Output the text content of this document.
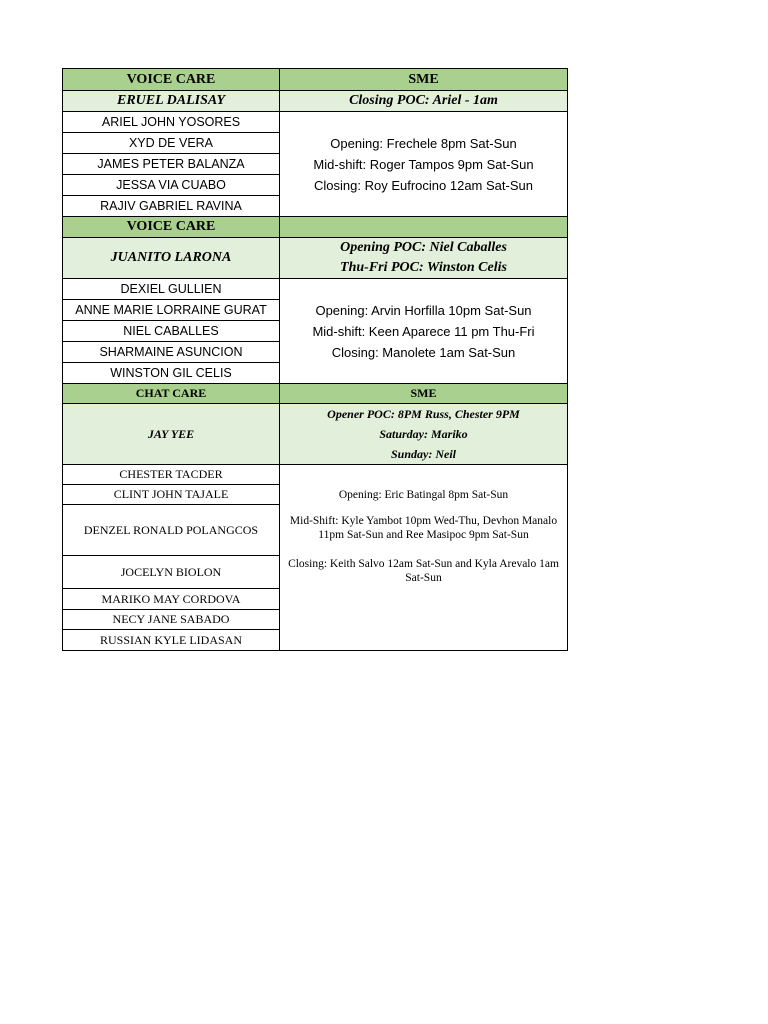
VOICE CARE	SME
ERUEL DALISAY	Closing POC: Ariel - 1am
ARIEL JOHN YOSORES	Opening: Frechele 8pm Sat-Sun
Mid-shift: Roger Tampos 9pm Sat-Sun
Closing: Roy Eufrocino 12am Sat-Sun

XYD DE VERA	
JAMES PETER BALANZA	
JESSA VIA CUABO	
RAJIV GABRIEL RAVINA	
VOICE CARE	
JUANITO LARONA	Opening POC: Niel Caballes
Thu-Fri POC: Winston Celis

DEXIEL GULLIEN	Opening: Arvin Horfilla 10pm Sat-Sun
Mid-shift: Keen Aparece 11 pm Thu-Fri
Closing: Manolete 1am Sat-Sun

ANNE MARIE LORRAINE GURAT	
NIEL CABALLES	
SHARMAINE ASUNCION	
WINSTON GIL CELIS	
CHAT CARE	SME
JAY YEE	Opener POC: 8PM Russ, Chester 9PM
Saturday: Mariko
Sunday: Neil

CHESTER TACDER	Opening: Eric Batingal 8pm Sat-Sun
Mid-Shift: Kyle Yambot 10pm Wed-Thu, Devhon Manalo 11pm Sat-Sun and Ree Masipoc 9pm Sat-Sun
Closing: Keith Salvo 12am Sat-Sun and Kyla Arevalo 1am Sat-Sun

CLINT JOHN TAJALE	
DENZEL RONALD POLANGCOS	
JOCELYN BIOLON	
MARIKO MAY CORDOVA	
NECY JANE SABADO	
RUSSIAN KYLE LIDASAN	
